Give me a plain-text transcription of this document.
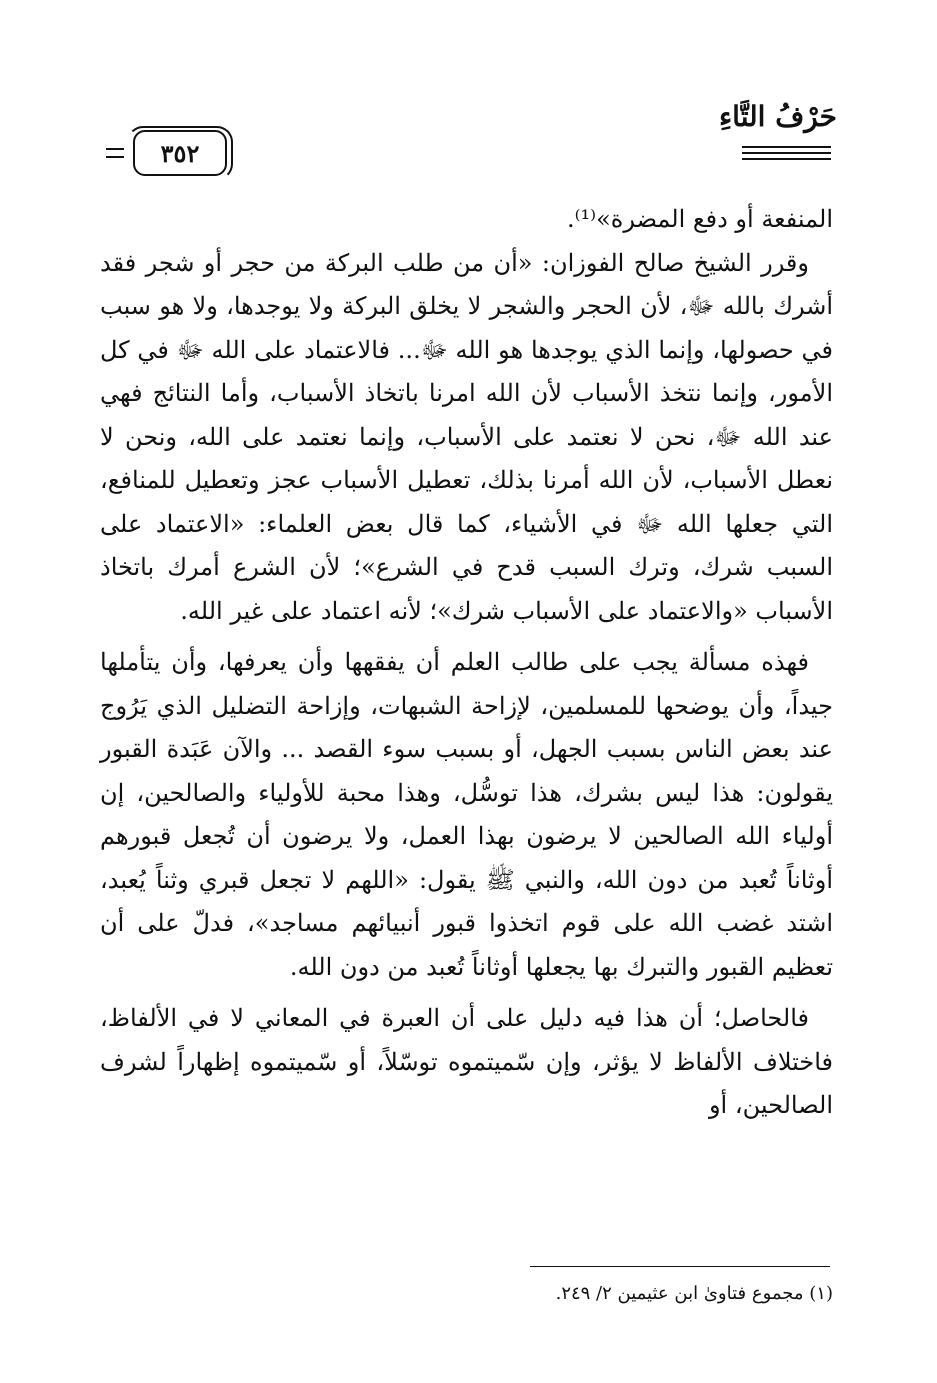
حَرْفُ التَّاءِ
٣٥٢

المنفعة أو دفع المضرة»⁽¹⁾.

وقرر الشيخ صالح الفوزان: «أن من طلب البركة من حجر أو شجر فقد أشرك بالله ﷻ، لأن الحجر والشجر لا يخلق البركة ولا يوجدها، ولا هو سبب في حصولها، وإنما الذي يوجدها هو الله ﷻ... فالاعتماد على الله ﷻ في كل الأمور، وإنما نتخذ الأسباب لأن الله امرنا باتخاذ الأسباب، وأما النتائج فهي عند الله ﷻ، نحن لا نعتمد على الأسباب، وإنما نعتمد على الله، ونحن لا نعطل الأسباب، لأن الله أمرنا بذلك، تعطيل الأسباب عجز وتعطيل للمنافع، التي جعلها الله ﷻ في الأشياء، كما قال بعض العلماء: «الاعتماد على السبب شرك، وترك السبب قدح في الشرع»؛ لأن الشرع أمرك باتخاذ الأسباب «والاعتماد على الأسباب شرك»؛ لأنه اعتماد على غير الله.

فهذه مسألة يجب على طالب العلم أن يفقهها وأن يعرفها، وأن يتأملها جيداً، وأن يوضحها للمسلمين، لإزاحة الشبهات، وإزاحة التضليل الذي يَرُوج عند بعض الناس بسبب الجهل، أو بسبب سوء القصد ... والآن عَبَدة القبور يقولون: هذا ليس بشرك، هذا توسُّل، وهذا محبة للأولياء والصالحين، إن أولياء الله الصالحين لا يرضون بهذا العمل، ولا يرضون أن تُجعل قبورهم أوثاناً تُعبد من دون الله، والنبي ﷺ يقول: «اللهم لا تجعل قبري وثناً يُعبد، اشتد غضب الله على قوم اتخذوا قبور أنبيائهم مساجد»، فدلّ على أن تعظيم القبور والتبرك بها يجعلها أوثاناً تُعبد من دون الله.

فالحاصل؛ أن هذا فيه دليل على أن العبرة في المعاني لا في الألفاظ، فاختلاف الألفاظ لا يؤثر، وإن سّميتموه توسّلاً، أو سّميتموه إظهاراً لشرف الصالحين، أو

(١) مجموع فتاوىٰ ابن عثيمين ٢/ ٢٤٩.
